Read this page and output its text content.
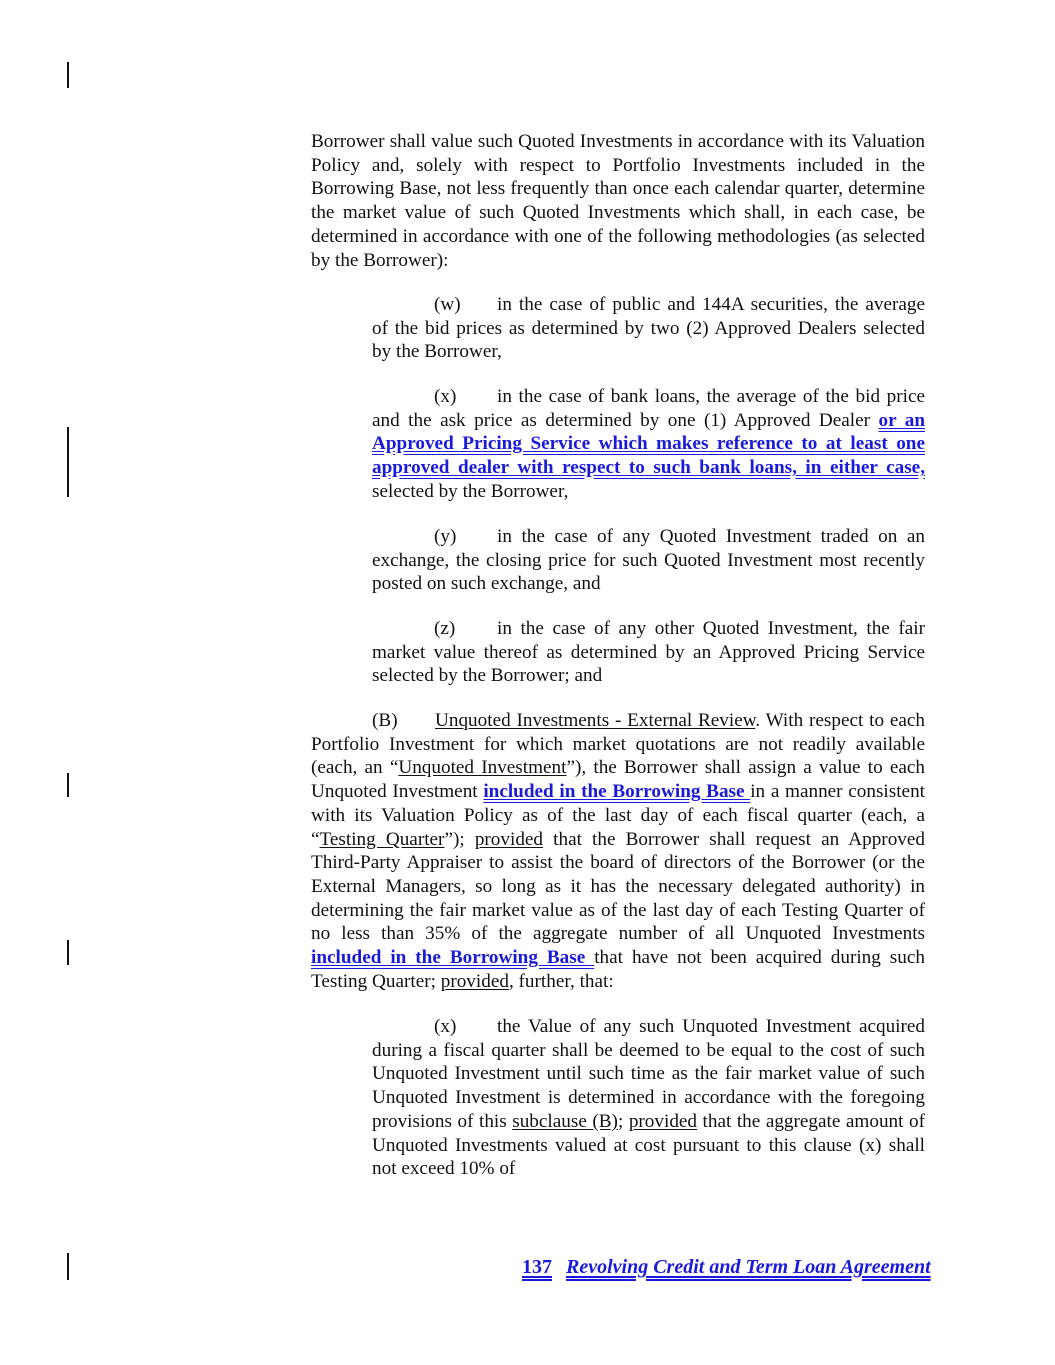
Borrower shall value such Quoted Investments in accordance with its Valuation Policy and, solely with respect to Portfolio Investments included in the Borrowing Base, not less frequently than once each calendar quarter, determine the market value of such Quoted Investments which shall, in each case, be determined in accordance with one of the following methodologies (as selected by the Borrower):
(w) in the case of public and 144A securities, the average of the bid prices as determined by two (2) Approved Dealers selected by the Borrower,
(x) in the case of bank loans, the average of the bid price and the ask price as determined by one (1) Approved Dealer or an Approved Pricing Service which makes reference to at least one approved dealer with respect to such bank loans, in either case, selected by the Borrower,
(y) in the case of any Quoted Investment traded on an exchange, the closing price for such Quoted Investment most recently posted on such exchange, and
(z) in the case of any other Quoted Investment, the fair market value thereof as determined by an Approved Pricing Service selected by the Borrower; and
(B) Unquoted Investments - External Review. With respect to each Portfolio Investment for which market quotations are not readily available (each, an “Unquoted Investment”), the Borrower shall assign a value to each Unquoted Investment included in the Borrowing Base in a manner consistent with its Valuation Policy as of the last day of each fiscal quarter (each, a “Testing Quarter”); provided that the Borrower shall request an Approved Third-Party Appraiser to assist the board of directors of the Borrower (or the External Managers, so long as it has the necessary delegated authority) in determining the fair market value as of the last day of each Testing Quarter of no less than 35% of the aggregate number of all Unquoted Investments included in the Borrowing Base that have not been acquired during such Testing Quarter; provided, further, that:
(x) the Value of any such Unquoted Investment acquired during a fiscal quarter shall be deemed to be equal to the cost of such Unquoted Investment until such time as the fair market value of such Unquoted Investment is determined in accordance with the foregoing provisions of this subclause (B); provided that the aggregate amount of Unquoted Investments valued at cost pursuant to this clause (x) shall not exceed 10% of
137 Revolving Credit and Term Loan Agreement
